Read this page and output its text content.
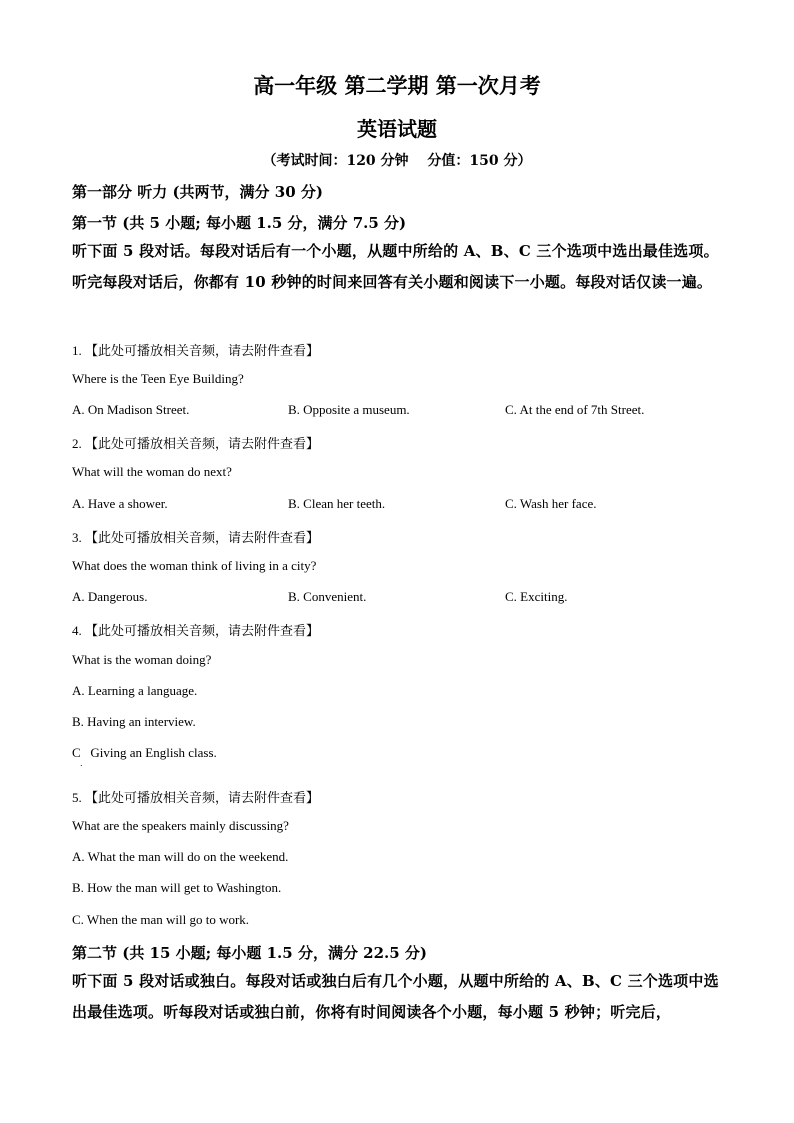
高一年级 第二学期 第一次月考
英语试题
（考试时间：120 分钟　 分值：150 分）
第一部分 听力 (共两节，满分 30 分)
第一节 (共 5 小题; 每小题 1.5 分，满分 7.5 分)
听下面 5 段对话。每段对话后有一个小题，从题中所给的 A、B、C 三个选项中选出最佳选项。听完每段对话后，你都有 10 秒钟的时间来回答有关小题和阅读下一小题。每段对话仅读一遍。
1. 【此处可播放相关音频，请去附件查看】
Where is the Teen Eye Building?
A. On Madison Street.	B. Opposite a museum.	C. At the end of 7th Street.
2. 【此处可播放相关音频，请去附件查看】
What will the woman do next?
A. Have a shower.	B. Clean her teeth.	C. Wash her face.
3. 【此处可播放相关音频，请去附件查看】
What does the woman think of living in a city?
A. Dangerous.	B. Convenient.	C. Exciting.
4. 【此处可播放相关音频，请去附件查看】
What is the woman doing?
A. Learning a language.
B. Having an interview.
C   Giving an English class.
.
5. 【此处可播放相关音频，请去附件查看】
What are the speakers mainly discussing?
A. What the man will do on the weekend.
B. How the man will get to Washington.
C. When the man will go to work.
第二节 (共 15 小题; 每小题 1.5 分，满分 22.5 分)
听下面 5 段对话或独白。每段对话或独白后有几个小题，从题中所给的 A、B、C 三个选项中选出最佳选项。听每段对话或独白前，你将有时间阅读各个小题，每小题 5 秒钟；听完后，
